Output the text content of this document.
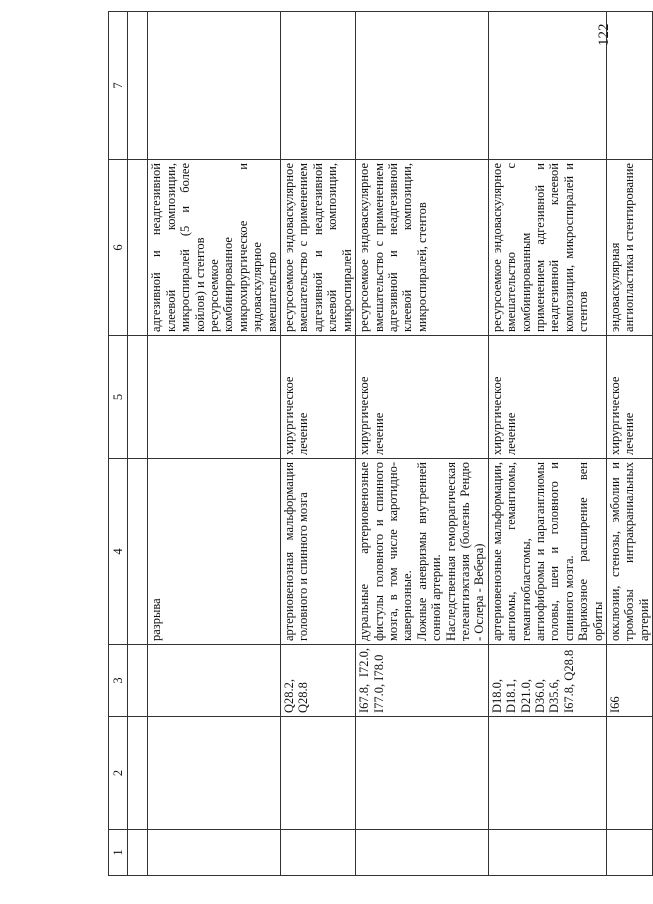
122
1	2	3	4	5	6	7

			разрыва		адгезивной и неадгезивной клеевой композиции, микроспиралей (5 и более койлов) и стентов
ресурсоемкое комбинированное микрохирургическое и эндоваскулярное вмешательство	
		Q28.2, Q28.8	артериовенозная мальформация головного и спинного мозга	хирургическое лечение	ресурсоемкое эндоваскулярное вмешательство с применением адгезивной и неадгезивной клеевой композиции, микроспиралей	
		I67.8, I72.0, I77.0, I78.0	дуральные артериовенозные фистулы головного и спинного мозга, в том числе каротидно-кавернозные.
Ложные аневризмы внутренней сонной артерии.
Наследственная геморрагическая телеангиэктазия (болезнь Рендю - Ослера - Вебера)	хирургическое лечение	ресурсоемкое эндоваскулярное вмешательство с применением адгезивной и неадгезивной клеевой композиции, микроспиралей, стентов	
		D18.0, D18.1, D21.0, D36.0, D35.6, I67.8, Q28.8	артериовенозные мальформации, ангиомы, гемангиомы, гемангиобластомы, ангиофибромы и параганглиомы головы, шеи и головного и спинного мозга.
Варикозное расширение вен орбиты	хирургическое лечение	ресурсоемкое эндоваскулярное вмешательство с комбинированным применением адгезивной и неадгезивной клеевой композиции, микроспиралей и стентов	
		I66	окклюзии, стенозы, эмболии и тромбозы интракраниальных артерий	хирургическое лечение	эндоваскулярная ангиопластика и стентирование	
